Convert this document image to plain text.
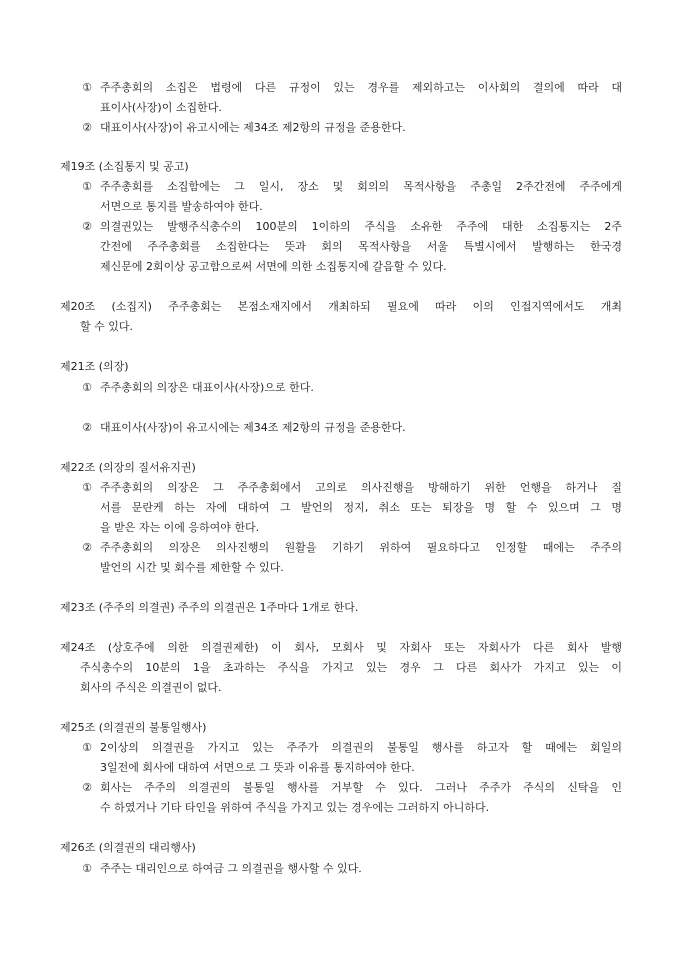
① 주주총회의 소집은 법령에 다른 규정이 있는 경우를 제외하고는 이사회의 결의에 따라 대
표이사(사장)이 소집한다.
② 대표이사(사장)이 유고시에는 제34조 제2항의 규정을 준용한다.
제19조 (소집통지 및 공고)
① 주주총회를 소집함에는 그 일시, 장소 및 회의의 목적사항을 주총일 2주간전에 주주에게
서면으로 통지를 발송하여야 한다.
② 의결권있는 발행주식총수의 100분의 1이하의 주식을 소유한 주주에 대한 소집통지는 2주
간전에 주주총회를 소집한다는 뜻과 회의 목적사항을 서울 특별시에서 발행하는 한국경
제신문에 2회이상 공고함으로써 서면에 의한 소집통지에 갈음할 수 있다.
제20조 (소집지) 주주총회는 본점소재지에서 개최하되 필요에 따라 이의 인접지역에서도 개최
할 수 있다.
제21조 (의장)
① 주주총회의 의장은 대표이사(사장)으로 한다.
② 대표이사(사장)이 유고시에는 제34조 제2항의 규정을 준용한다.
제22조 (의장의 질서유지권)
① 주주총회의 의장은 그 주주총회에서 고의로 의사진행을 방해하기 위한 언행을 하거나 질
서를 문란케 하는 자에 대하여 그 발언의 정지, 취소 또는 퇴장을 명 할 수 있으며 그 명
을 받은 자는 이에 응하여야 한다.
② 주주총회의 의장은 의사진행의 원활을 기하기 위하여 필요하다고 인정할 때에는 주주의
발언의 시간 및 회수를 제한할 수 있다.
제23조 (주주의 의결권) 주주의 의결권은 1주마다 1개로 한다.
제24조 (상호주에 의한 의결권제한) 이 회사, 모회사 및 자회사 또는 자회사가 다른 회사 발행
주식총수의 10분의 1을 초과하는 주식을 가지고 있는 경우 그 다른 회사가 가지고 있는 이
회사의 주식은 의결권이 없다.
제25조 (의결권의 불통일행사)
① 2이상의 의결권을 가지고 있는 주주가 의결권의 불통일 행사를 하고자 할 때에는 회일의
3일전에 회사에 대하여 서면으로 그 뜻과 이유를 통지하여야 한다.
② 회사는 주주의 의결권의 불통일 행사를 거부할 수 있다. 그러나 주주가 주식의 신탁을 인
수 하였거나 기타 타인을 위하여 주식을 가지고 있는 경우에는 그러하지 아니하다.
제26조 (의결권의 대리행사)
① 주주는 대리인으로 하여금 그 의결권을 행사할 수 있다.
